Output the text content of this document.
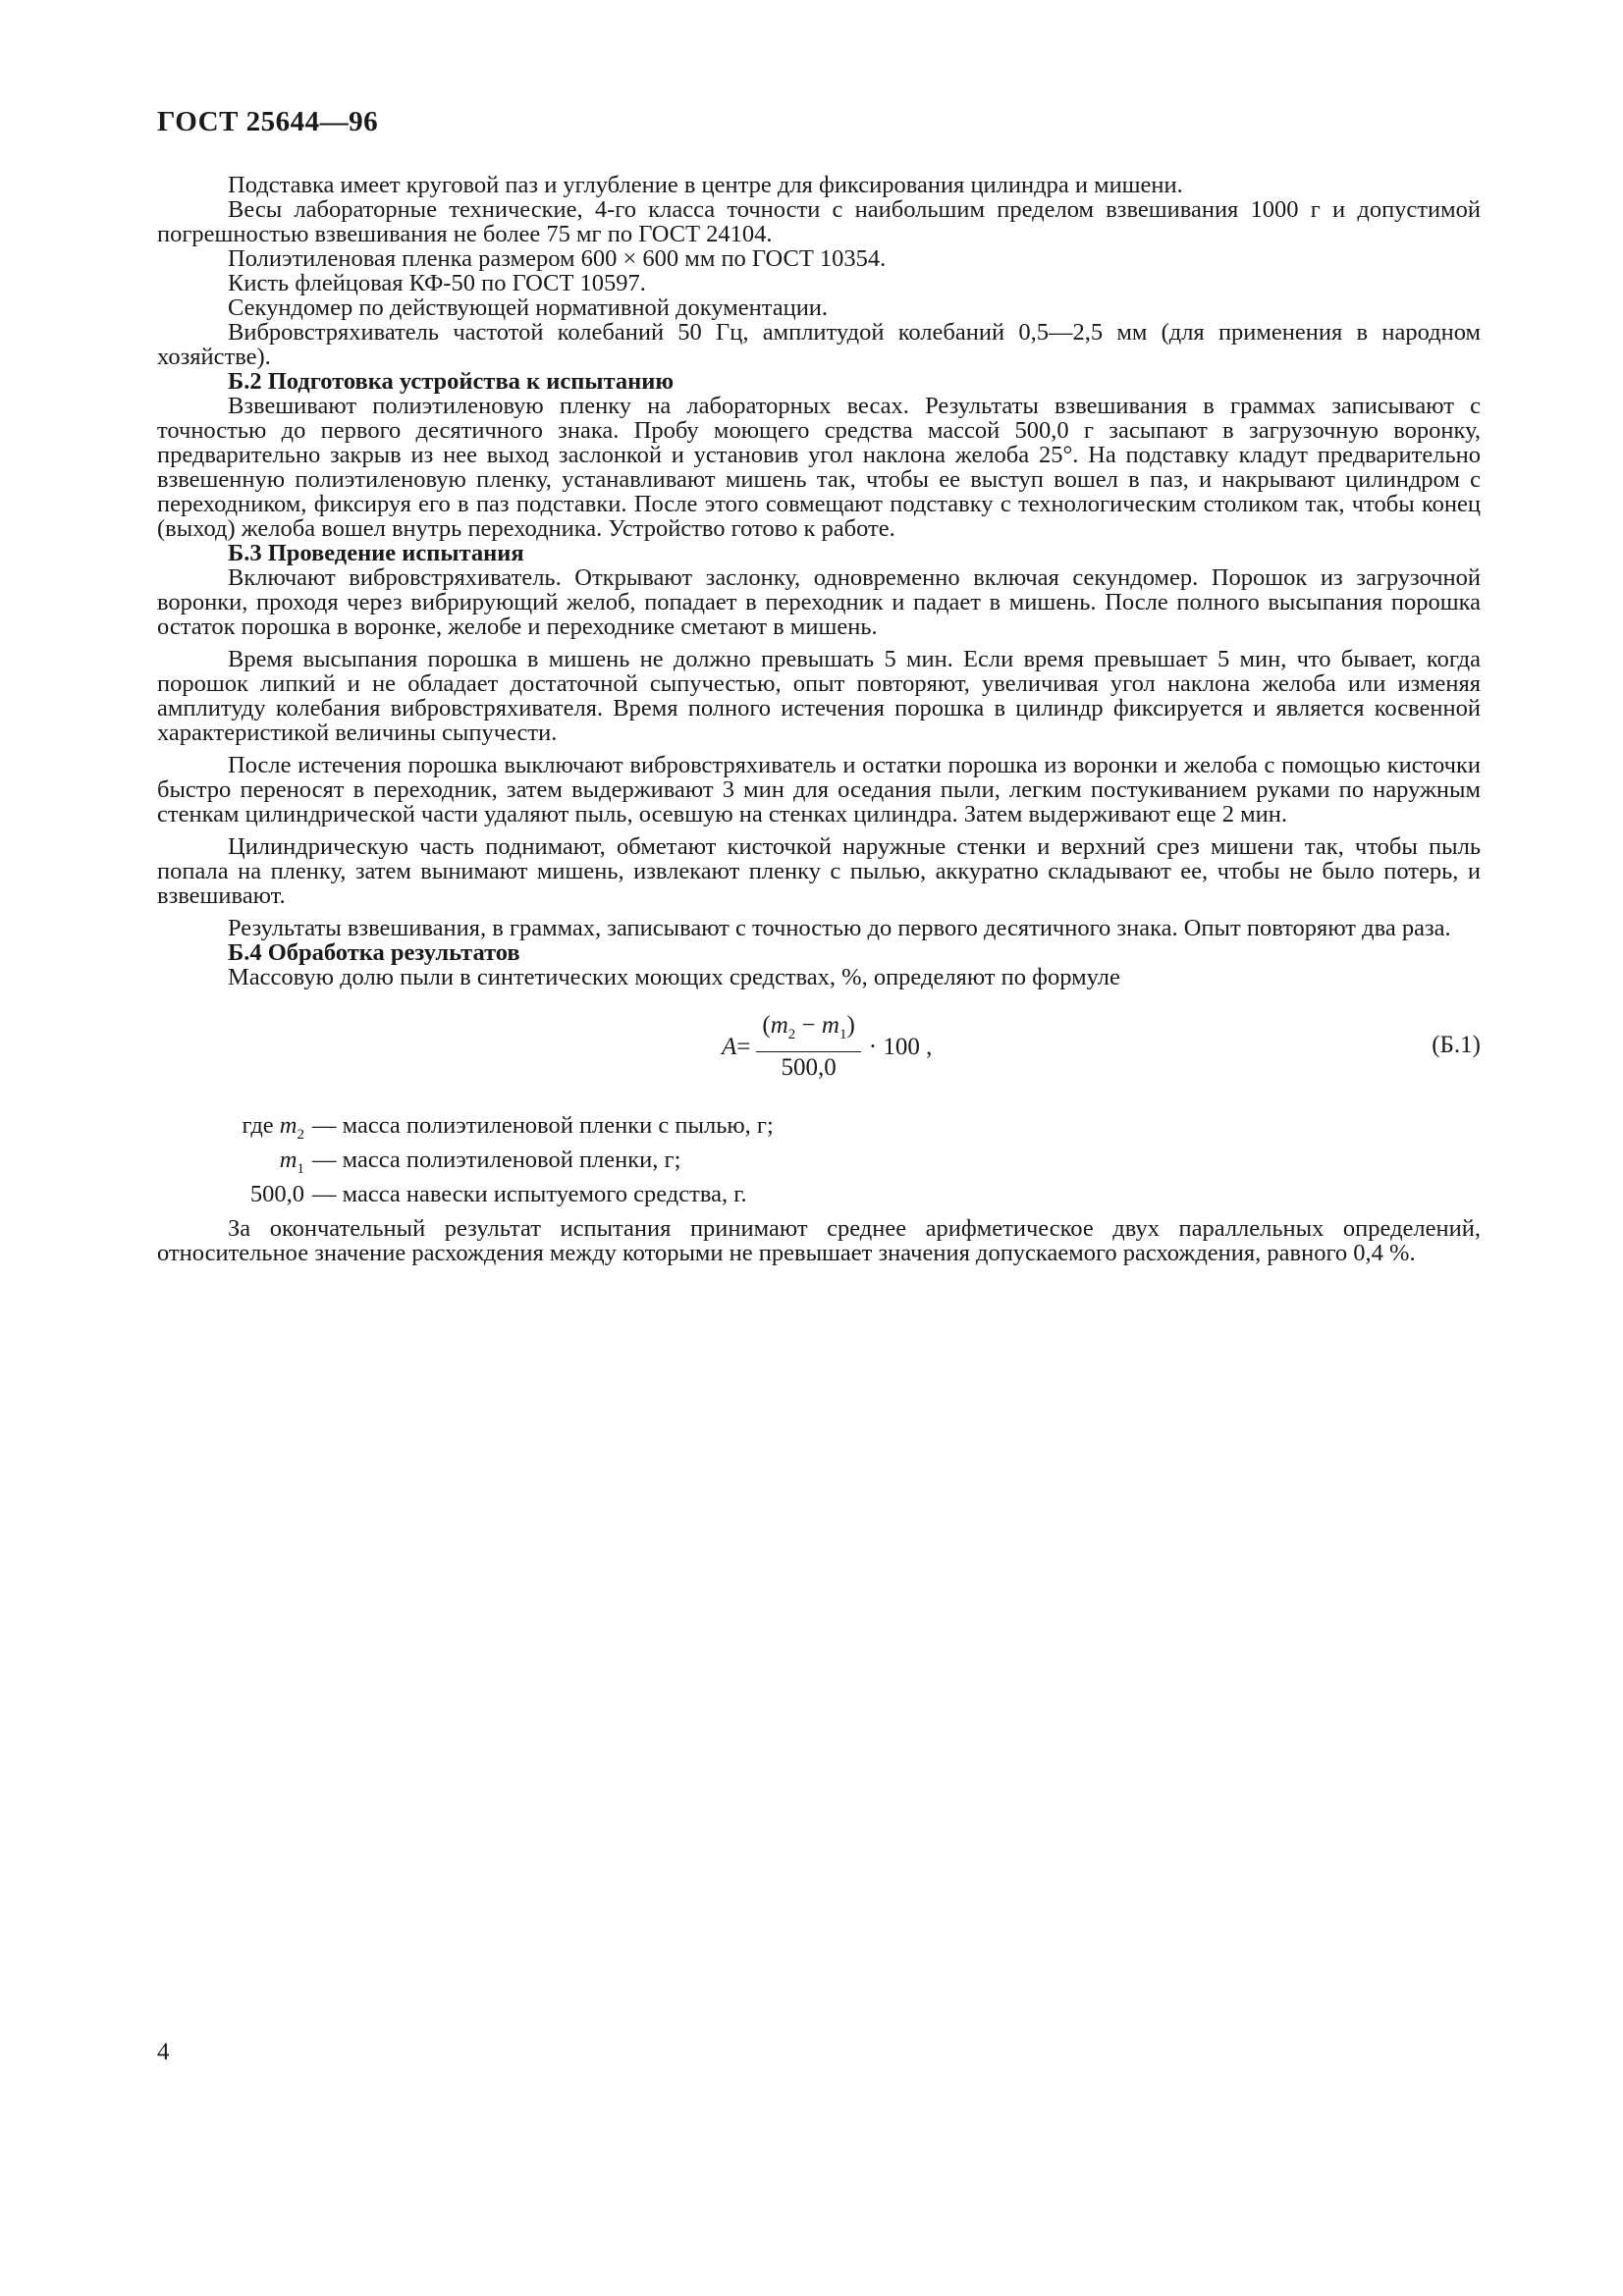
ГОСТ 25644—96

Подставка имеет круговой паз и углубление в центре для фиксирования цилиндра и мишени.

Весы лабораторные технические, 4-го класса точности с наибольшим пределом взвешивания 1000 г и допустимой погрешностью взвешивания не более 75 мг по ГОСТ 24104.

Полиэтиленовая пленка размером 600 × 600 мм по ГОСТ 10354.

Кисть флейцовая КФ-50 по ГОСТ 10597.

Секундомер по действующей нормативной документации.

Вибровстряхиватель частотой колебаний 50 Гц, амплитудой колебаний 0,5—2,5 мм (для применения в народном хозяйстве).

Б.2 Подготовка устройства к испытанию

Взвешивают полиэтиленовую пленку на лабораторных весах. Результаты взвешивания в граммах записывают с точностью до первого десятичного знака. Пробу моющего средства массой 500,0 г засыпают в загрузочную воронку, предварительно закрыв из нее выход заслонкой и установив угол наклона желоба 25°. На подставку кладут предварительно взвешенную полиэтиленовую пленку, устанавливают мишень так, чтобы ее выступ вошел в паз, и накрывают цилиндром с переходником, фиксируя его в паз подставки. После этого совмещают подставку с технологическим столиком так, чтобы конец (выход) желоба вошел внутрь переходника. Устройство готово к работе.

Б.3 Проведение испытания

Включают вибровстряхиватель. Открывают заслонку, одновременно включая секундомер. Порошок из загрузочной воронки, проходя через вибрирующий желоб, попадает в переходник и падает в мишень. После полного высыпания порошка остаток порошка в воронке, желобе и переходнике сметают в мишень.

Время высыпания порошка в мишень не должно превышать 5 мин. Если время превышает 5 мин, что бывает, когда порошок липкий и не обладает достаточной сыпучестью, опыт повторяют, увеличивая угол наклона желоба или изменяя амплитуду колебания вибровстряхивателя. Время полного истечения порошка в цилиндр фиксируется и является косвенной характеристикой величины сыпучести.

После истечения порошка выключают вибровстряхиватель и остатки порошка из воронки и желоба с помощью кисточки быстро переносят в переходник, затем выдерживают 3 мин для оседания пыли, легким постукиванием руками по наружным стенкам цилиндрической части удаляют пыль, осевшую на стенках цилиндра. Затем выдерживают еще 2 мин.

Цилиндрическую часть поднимают, обметают кисточкой наружные стенки и верхний срез мишени так, чтобы пыль попала на пленку, затем вынимают мишень, извлекают пленку с пылью, аккуратно складывают ее, чтобы не было потерь, и взвешивают.

Результаты взвешивания, в граммах, записывают с точностью до первого десятичного знака. Опыт повторяют два раза.

Б.4 Обработка результатов

Массовую долю пыли в синтетических моющих средствах, %, определяют по формуле

$A = \frac{(m_2 - m_1)}{500,0} \cdot 100$ ,	(Б.1)
где $m_2$ — масса полиэтиленовой пленки с пылью, г;
$m_1$ — масса полиэтиленовой пленки, г;
500,0 — масса навески испытуемого средства, г.

За окончательный результат испытания принимают среднее арифметическое двух параллельных определений, относительное значение расхождения между которыми не превышает значения допускаемого расхождения, равного 0,4 %.

4
